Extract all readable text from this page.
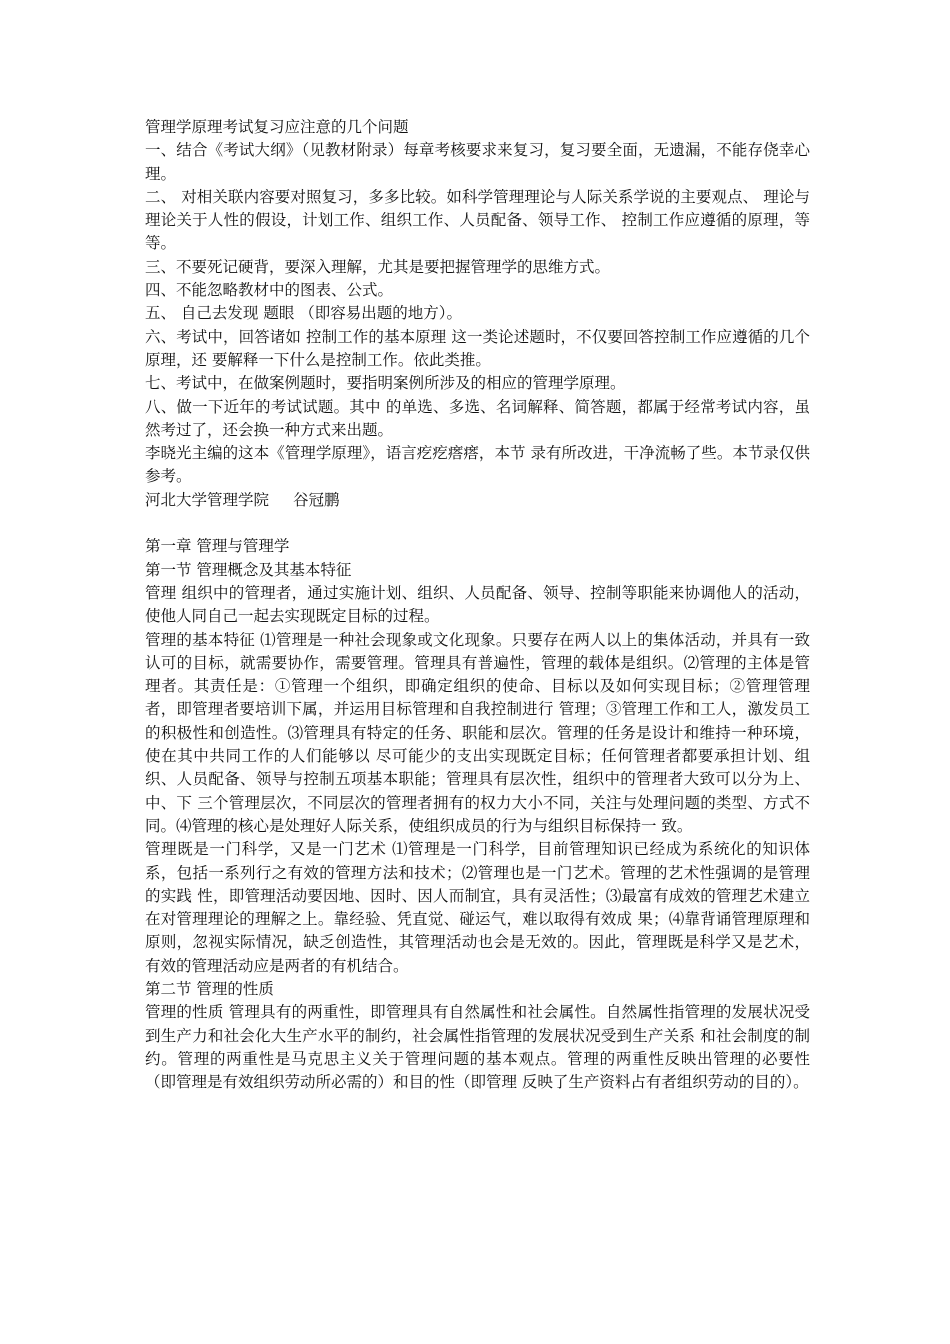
管理学原理考试复习应注意的几个问题

一、结合《考试大纲》（见教材附录）每章考核要求来复习，复习要全面，无遗漏，不能存侥幸心理。

二、 对相关联内容要对照复习，多多比较。如科学管理理论与人际关系学说的主要观点、 理论与 理论关于人性的假设，计划工作、组织工作、人员配备、领导工作、 控制工作应遵循的原理，等等。

三、不要死记硬背，要深入理解，尤其是要把握管理学的思维方式。

四、不能忽略教材中的图表、公式。

五、 自己去发现 题眼 （即容易出题的地方）。

六、考试中，回答诸如 控制工作的基本原理 这一类论述题时，不仅要回答控制工作应遵循的几个原理，还 要解释一下什么是控制工作。依此类推。

七、考试中，在做案例题时，要指明案例所涉及的相应的管理学原理。

八、做一下近年的考试试题。其中 的单选、多选、名词解释、简答题，都属于经常考试内容，虽然考过了，还会换一种方式来出题。

李晓光主编的这本《管理学原理》，语言疙疙瘩瘩，本节 录有所改进，干净流畅了些。本节录仅供参考。

河北大学管理学院 谷冠鹏

第一章 管理与管理学

第一节 管理概念及其基本特征

管理 组织中的管理者，通过实施计划、组织、人员配备、领导、控制等职能来协调他人的活动，使他人同自己一起去实现既定目标的过程。

管理的基本特征 ⑴管理是一种社会现象或文化现象。只要存在两人以上的集体活动，并具有一致认可的目标，就需要协作，需要管理。管理具有普遍性，管理的载体是组织。⑵管理的主体是管理者。其责任是：①管理一个组织，即确定组织的使命、目标以及如何实现目标；②管理管理者，即管理者要培训下属，并运用目标管理和自我控制进行 管理；③管理工作和工人，激发员工的积极性和创造性。⑶管理具有特定的任务、职能和层次。管理的任务是设计和维持一种环境，使在其中共同工作的人们能够以 尽可能少的支出实现既定目标；任何管理者都要承担计划、组织、人员配备、领导与控制五项基本职能；管理具有层次性，组织中的管理者大致可以分为上、中、下 三个管理层次，不同层次的管理者拥有的权力大小不同，关注与处理问题的类型、方式不同。⑷管理的核心是处理好人际关系，使组织成员的行为与组织目标保持一 致。

管理既是一门科学，又是一门艺术 ⑴管理是一门科学，目前管理知识已经成为系统化的知识体系，包括一系列行之有效的管理方法和技术；⑵管理也是一门艺术。管理的艺术性强调的是管理的实践 性，即管理活动要因地、因时、因人而制宜，具有灵活性；⑶最富有成效的管理艺术建立在对管理理论的理解之上。靠经验、凭直觉、碰运气，难以取得有效成 果；⑷靠背诵管理原理和原则，忽视实际情况，缺乏创造性，其管理活动也会是无效的。因此，管理既是科学又是艺术，有效的管理活动应是两者的有机结合。

第二节 管理的性质

管理的性质 管理具有的两重性，即管理具有自然属性和社会属性。自然属性指管理的发展状况受到生产力和社会化大生产水平的制约，社会属性指管理的发展状况受到生产关系 和社会制度的制约。管理的两重性是马克思主义关于管理问题的基本观点。管理的两重性反映出管理的必要性（即管理是有效组织劳动所必需的）和目的性（即管理 反映了生产资料占有者组织劳动的目的）。
